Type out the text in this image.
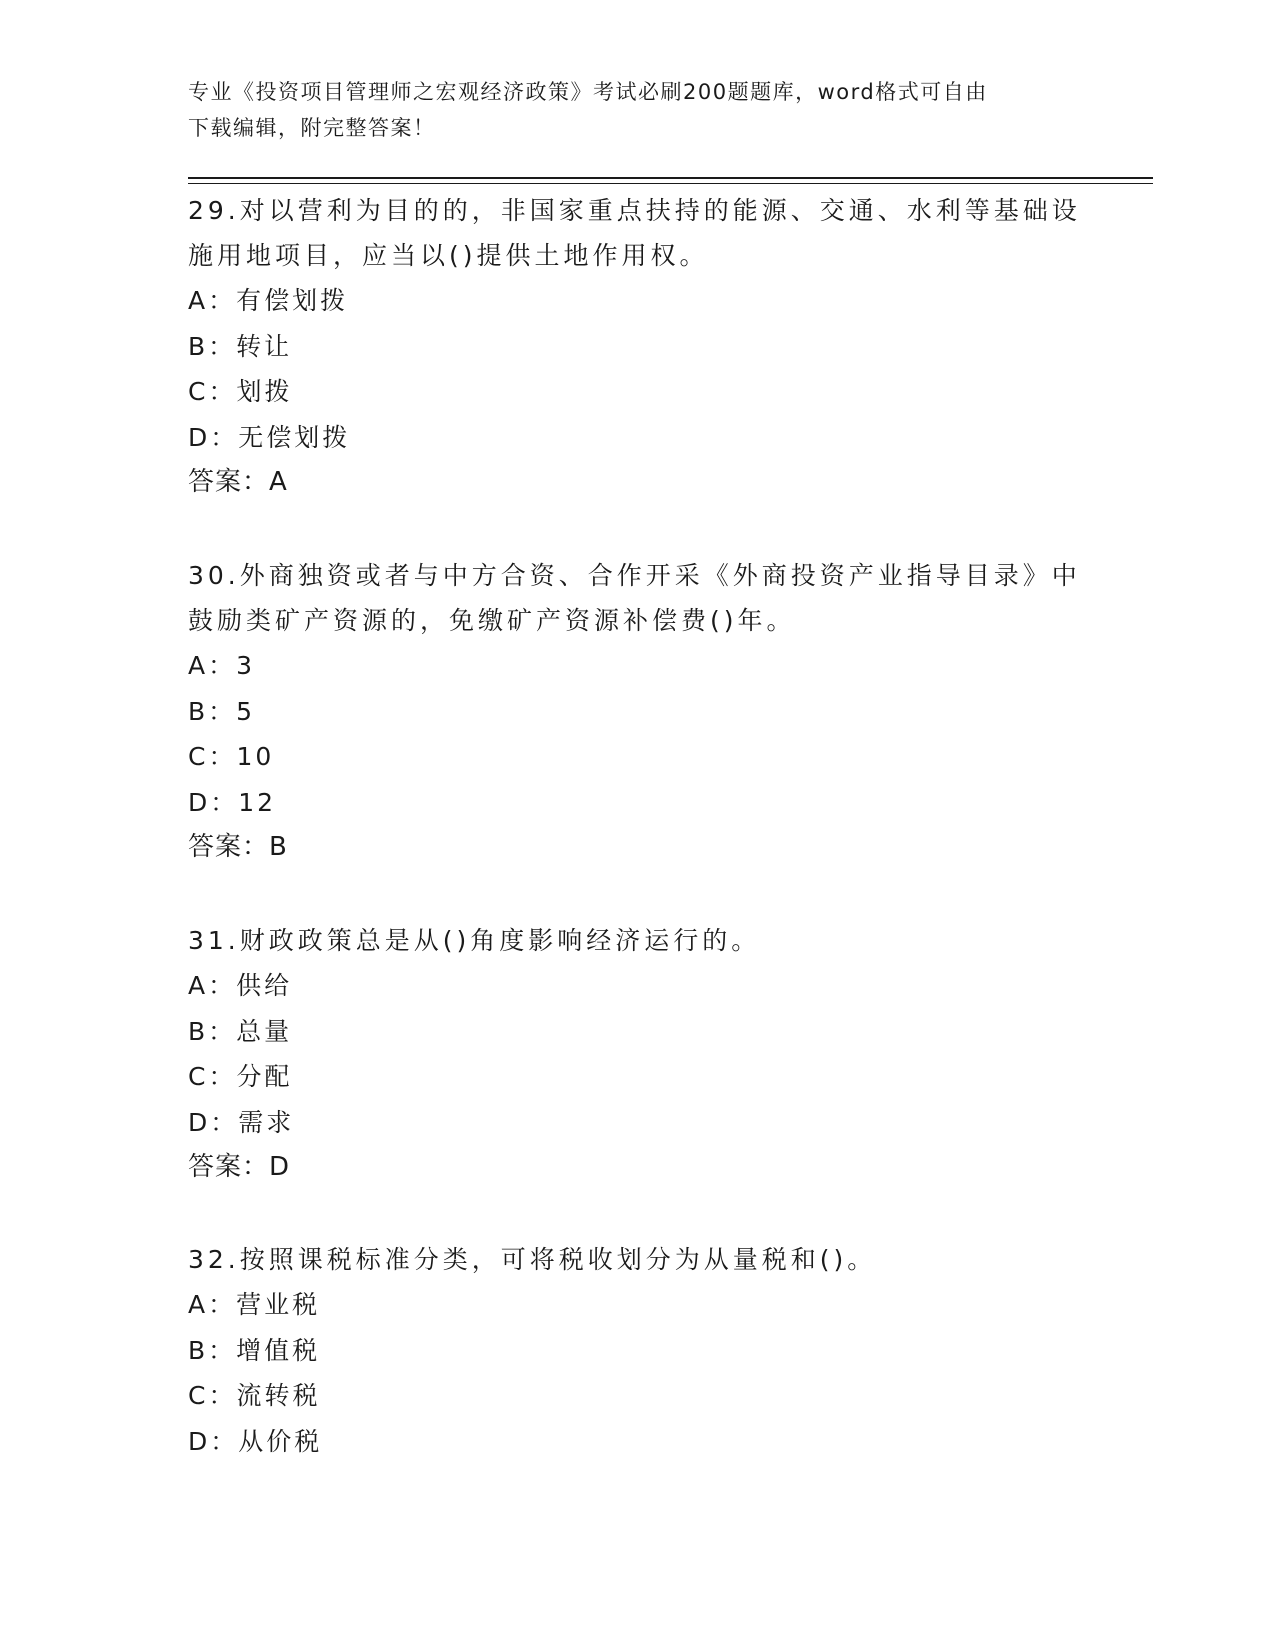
专业《投资项目管理师之宏观经济政策》考试必刷200题题库，word格式可自由
下载编辑，附完整答案！

29.对以营利为目的的，非国家重点扶持的能源、交通、水利等基础设

施用地项目，应当以()提供土地作用权。

A：有偿划拨

B：转让

C：划拨

D：无偿划拨

答案：A

30.外商独资或者与中方合资、合作开采《外商投资产业指导目录》中

鼓励类矿产资源的，免缴矿产资源补偿费()年。

A：3

B：5

C：10

D：12

答案：B

31.财政政策总是从()角度影响经济运行的。

A：供给

B：总量

C：分配

D：需求

答案：D

32.按照课税标准分类，可将税收划分为从量税和()。

A：营业税

B：增值税

C：流转税

D：从价税
